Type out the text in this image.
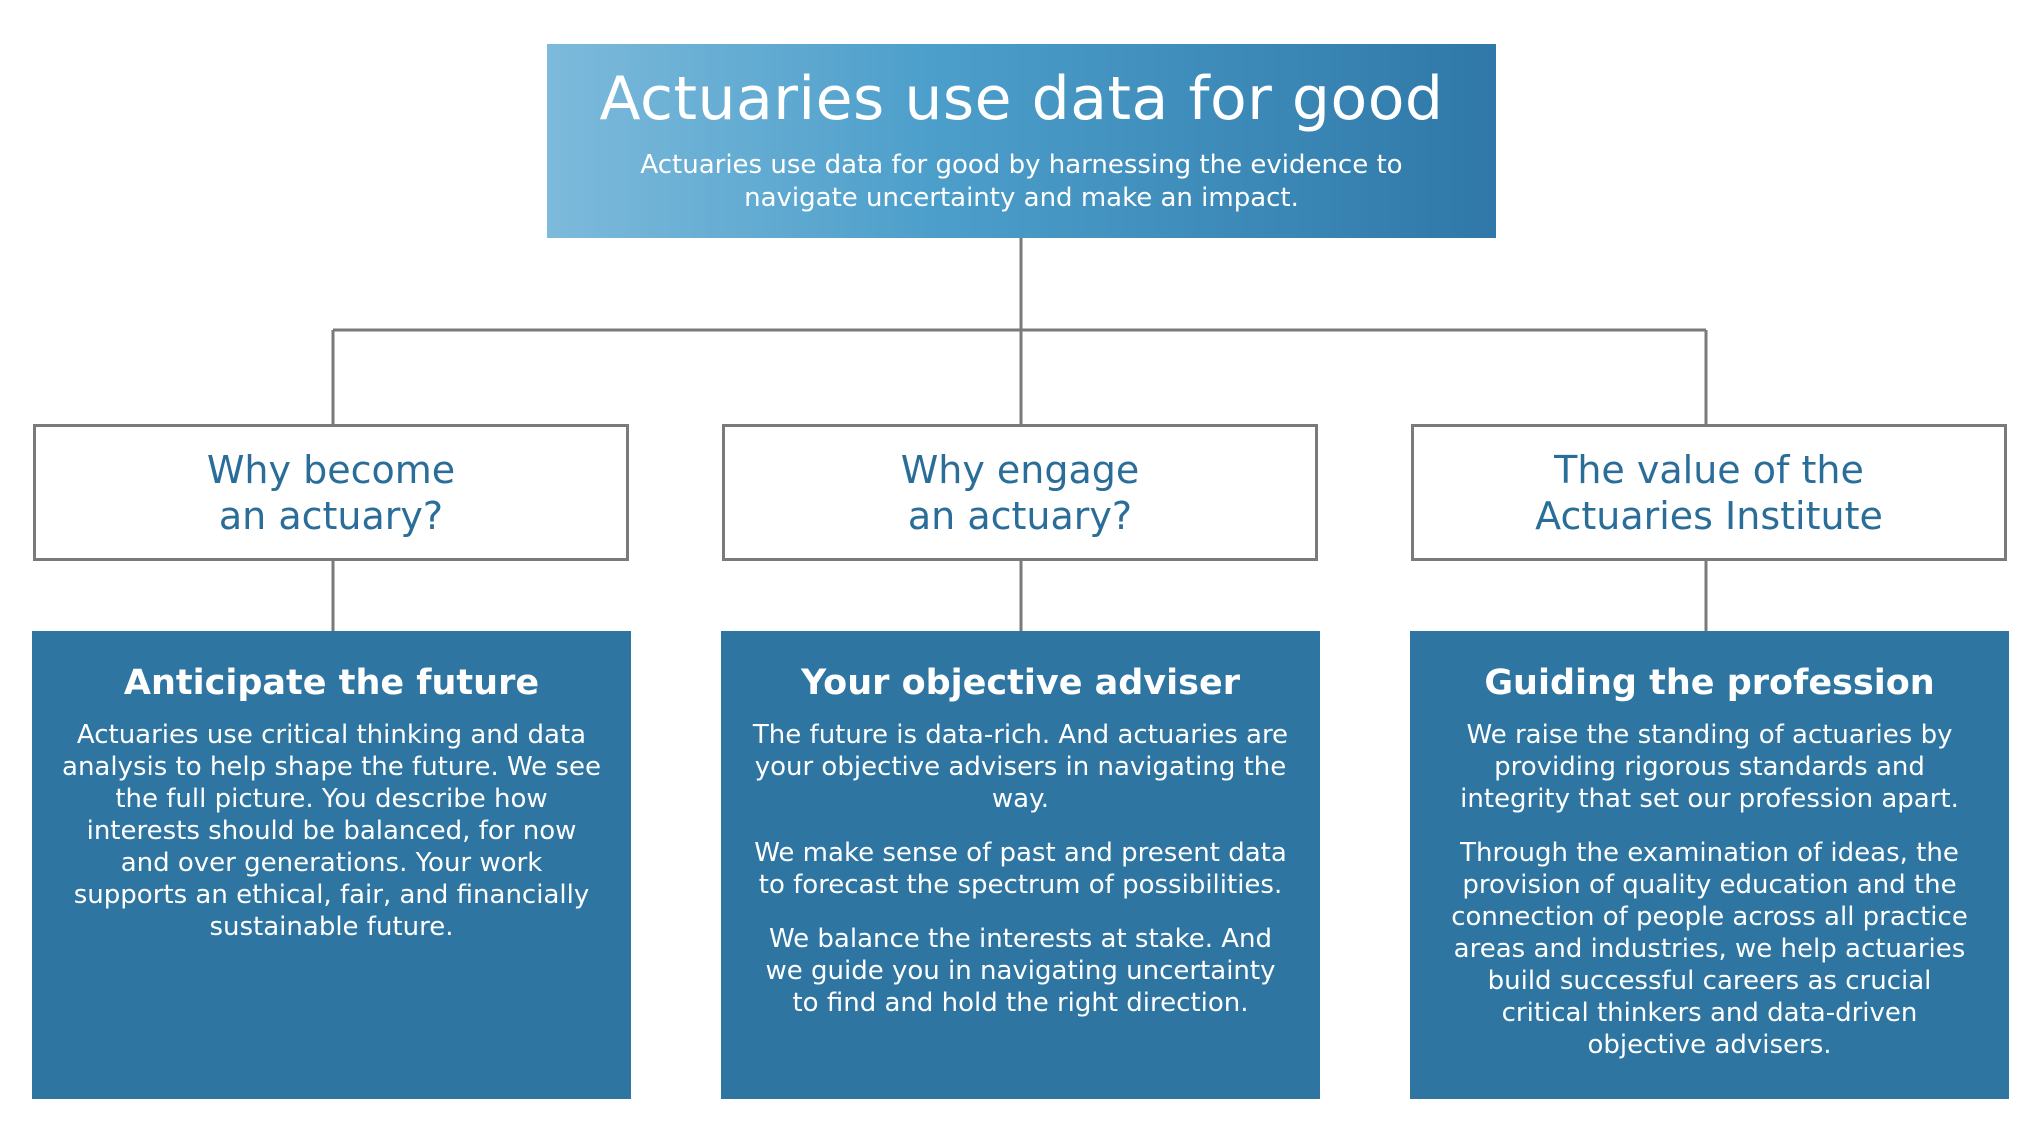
Actuaries use data for good
Actuaries use data for good by harnessing the evidence to navigate uncertainty and make an impact.
Why become
an actuary?
Why engage
an actuary?
The value of the
Actuaries Institute
Anticipate the future

Actuaries use critical thinking and data analysis to help shape the future. We see the full picture. You describe how interests should be balanced, for now and over generations. Your work supports an ethical, fair, and financially sustainable future.

Your objective adviser

The future is data-rich. And actuaries are your objective advisers in navigating the way.

We make sense of past and present data to forecast the spectrum of possibilities.

We balance the interests at stake. And we guide you in navigating uncertainty to find and hold the right direction.

Guiding the profession

We raise the standing of actuaries by providing rigorous standards and integrity that set our profession apart.

Through the examination of ideas, the provision of quality education and the connection of people across all practice areas and industries, we help actuaries build successful careers as crucial critical thinkers and data-driven objective advisers.
